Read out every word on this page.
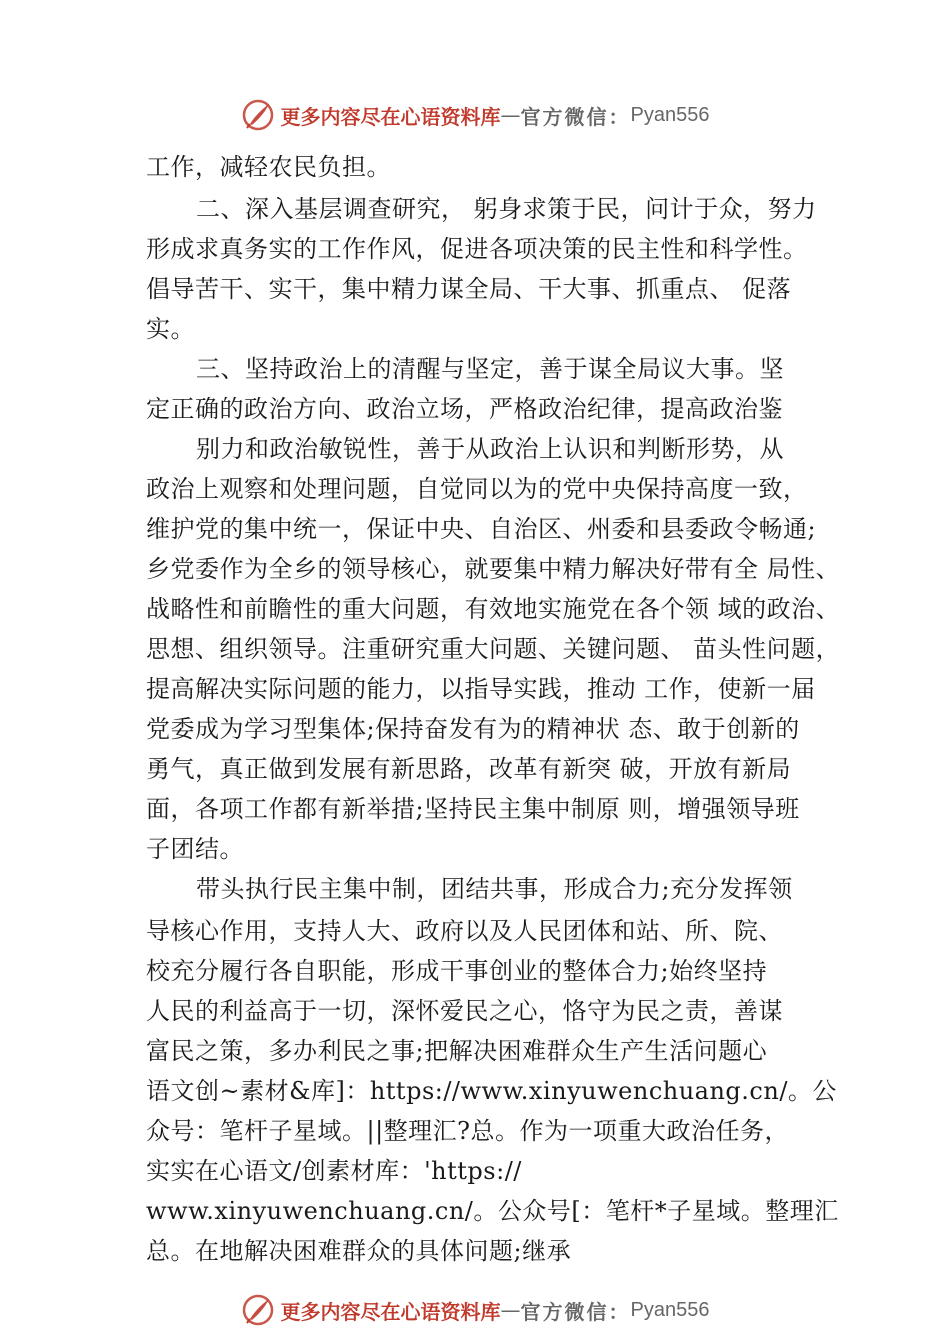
更多内容尽在心语资料库 — 官方微信： Pyan556
工作，减轻农民负担。
二、深入基层调查研究， 躬身求策于民，问计于众，努力
形成求真务实的工作作风，促进各项决策的民主性和科学性。
倡导苦干、实干，集中精力谋全局、干大事、抓重点、 促落
实。
三、坚持政治上的清醒与坚定，善于谋全局议大事。坚
定正确的政治方向、政治立场，严格政治纪律，提高政治鉴
别力和政治敏锐性，善于从政治上认识和判断形势，从
政治上观察和处理问题，自觉同以为的党中央保持高度一致，
维护党的集中统一，保证中央、自治区、州委和县委政令畅通;
乡党委作为全乡的领导核心，就要集中精力解决好带有全 局性、
战略性和前瞻性的重大问题，有效地实施党在各个领 域的政治、
思想、组织领导。注重研究重大问题、关键问题、 苗头性问题，
提高解决实际问题的能力，以指导实践，推动 工作，使新一届
党委成为学习型集体;保持奋发有为的精神状 态、敢于创新的
勇气，真正做到发展有新思路，改革有新突 破，开放有新局
面，各项工作都有新举措;坚持民主集中制原 则，增强领导班
子团结。
带头执行民主集中制，团结共事，形成合力;充分发挥领
导核心作用，支持人大、政府以及人民团体和站、所、院、
校充分履行各自职能，形成干事创业的整体合力;始终坚持
人民的利益高于一切，深怀爱民之心，恪守为民之责，善谋
富民之策，多办利民之事;把解决困难群众生产生活问题心
语文创~素材&库]：https://www.xinyuwenchuang.cn/。公
众号：笔杆子星域。||整理汇?总。作为一项重大政治任务，
实实在心语文/创素材库：'https://
www.xinyuwenchuang.cn/。公众号[：笔杆*子星域。整理汇
总。在地解决困难群众的具体问题;继承
更多内容尽在心语资料库 — 官方微信： Pyan556
